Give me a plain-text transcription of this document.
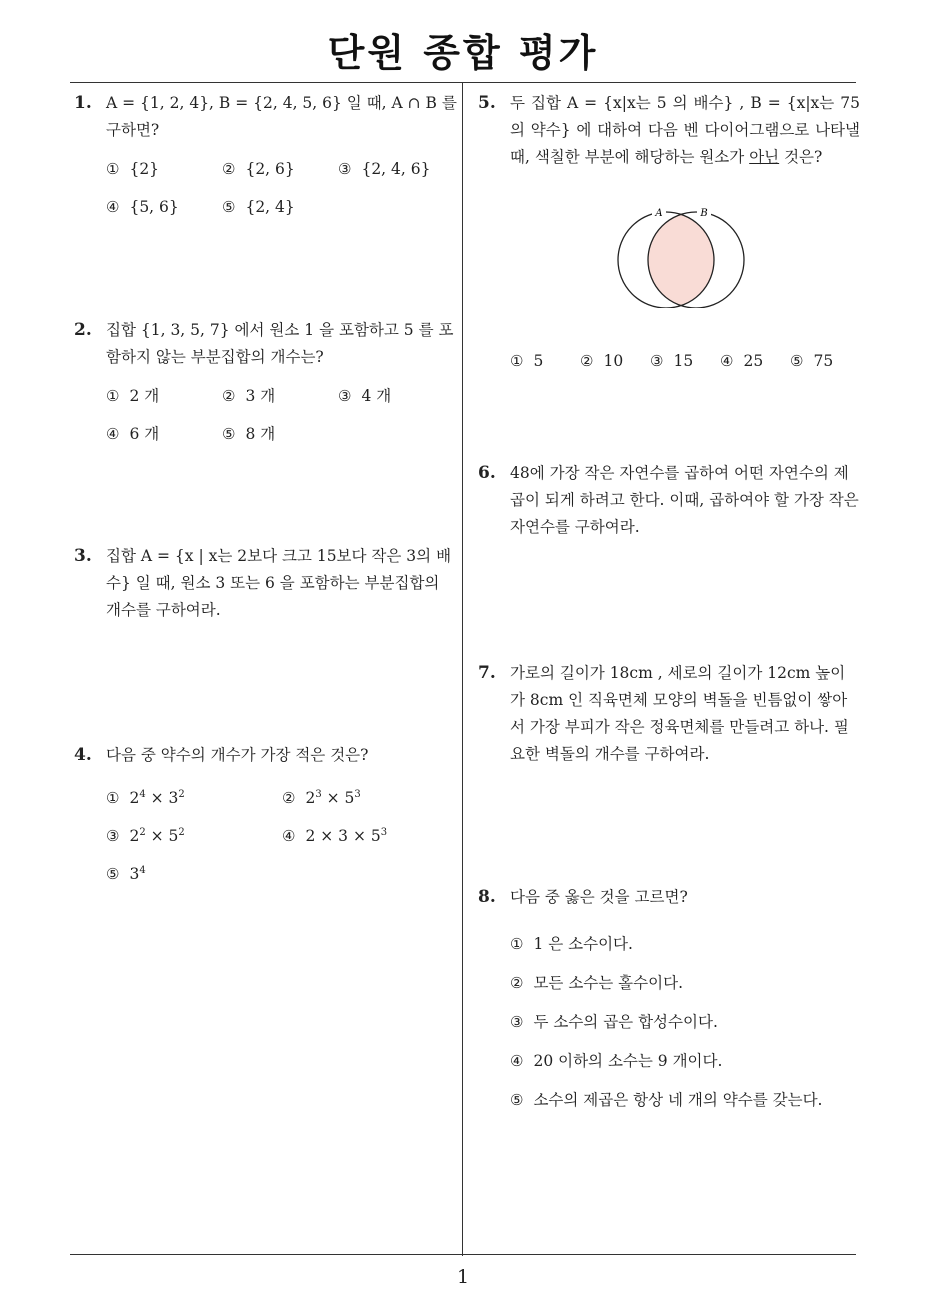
단원 종합 평가
1
1. A = {1, 2, 4}, B = {2, 4, 5, 6} 일 때, A ∩ B 를 구하면?
① {2}	② {2, 6}	③ {2, 4, 6}
④ {5, 6}	⑤ {2, 4}
2. 집합 {1, 3, 5, 7} 에서 원소 1 을 포함하고 5 를 포함하지 않는 부분집합의 개수는?
① 2 개	② 3 개	③ 4 개
④ 6 개	⑤ 8 개
3. 집합 A = {x | x는 2보다 크고 15보다 작은 3의 배수} 일 때, 원소 3 또는 6 을 포함하는 부분집합의 개수를 구하여라.
4. 다음 중 약수의 개수가 가장 적은 것은?
① $2^4 \times 3^2$	② $2^3 \times 5^3$
③ $2^2 \times 5^2$	④ $2 \times 3 \times 5^3$
⑤ $3^4$
5. 두 집합 A = {x|x는 5 의 배수} , B = {x|x는 75 의 약수} 에 대하여 다음 벤 다이어그램으로 나타낼 때, 색칠한 부분에 해당하는 원소가 아닌 것은?
A	B
① 5 ② 10 ③ 15 ④ 25 ⑤ 75
6. 48에 가장 작은 자연수를 곱하여 어떤 자연수의 제곱이 되게 하려고 한다. 이때, 곱하여야 할 가장 작은 자연수를 구하여라.
7. 가로의 길이가 18cm , 세로의 길이가 12cm 높이가 8cm 인 직육면체 모양의 벽돌을 빈틈없이 쌓아서 가장 부피가 작은 정육면체를 만들려고 하나. 필요한 벽돌의 개수를 구하여라.
8. 다음 중 옳은 것을 고르면?
① 1 은 소수이다.
② 모든 소수는 홀수이다.
③ 두 소수의 곱은 합성수이다.
④ 20 이하의 소수는 9 개이다.
⑤ 소수의 제곱은 항상 네 개의 약수를 갖는다.
